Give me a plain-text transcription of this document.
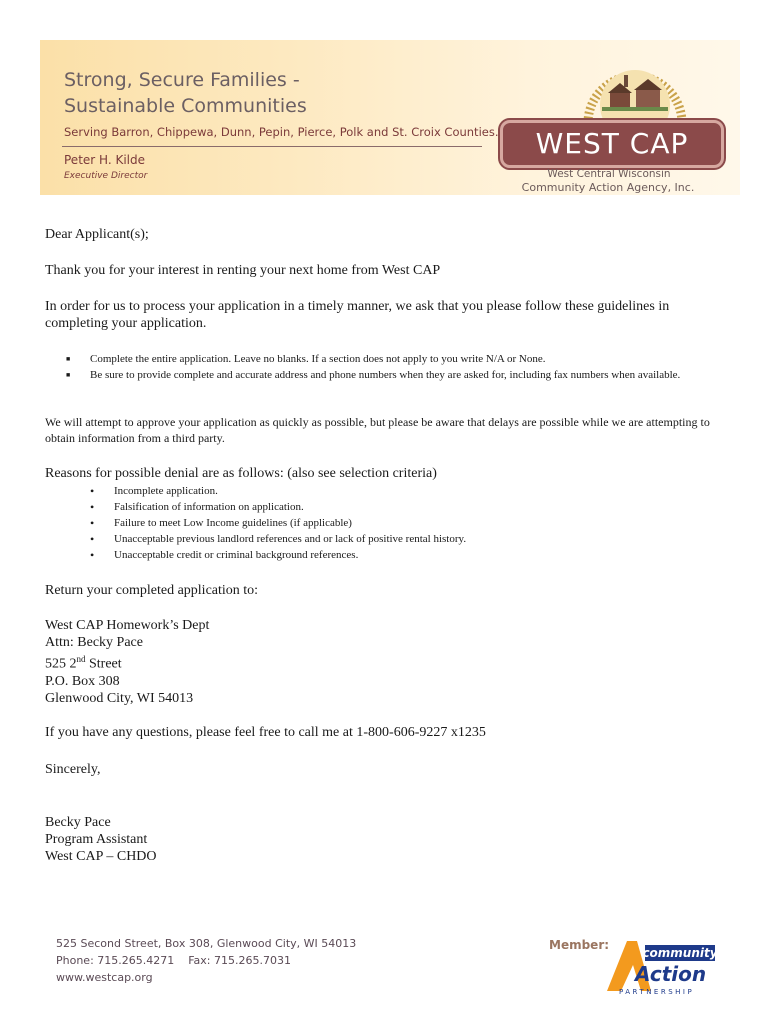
Strong, Secure Families -
Sustainable Communities
Serving Barron, Chippewa, Dunn, Pepin, Pierce, Polk and St. Croix Counties.
Peter H. Kilde
Executive Director
WEST CAP
West Central Wisconsin
Community Action Agency, Inc.
Dear Applicant(s);
Thank you for your interest in renting your next home from West CAP
In order for us to process your application in a timely manner, we ask that you please follow these guidelines in completing your application.
■ Complete the entire application. Leave no blanks. If a section does not apply to you write N/A or None.
■ Be sure to provide complete and accurate address and phone numbers when they are asked for, including fax numbers when available.
We will attempt to approve your application as quickly as possible, but please be aware that delays are possible while we are attempting to obtain information from a third party.
Reasons for possible denial are as follows: (also see selection criteria)
• Incomplete application.
• Falsification of information on application.
• Failure to meet Low Income guidelines (if applicable)
• Unacceptable previous landlord references and or lack of positive rental history.
• Unacceptable credit or criminal background references.
Return your completed application to:
West CAP Homework’s Dept
Attn: Becky Pace
525 2nd Street
P.O. Box 308
Glenwood City, WI 54013
If you have any questions, please feel free to call me at 1-800-606-9227 x1235
Sincerely,
Becky Pace
Program Assistant
West CAP – CHDO
525 Second Street, Box 308, Glenwood City, WI 54013
Phone: 715.265.4271    Fax: 715.265.7031
www.westcap.org
Member:
community
Action
PARTNERSHIP
